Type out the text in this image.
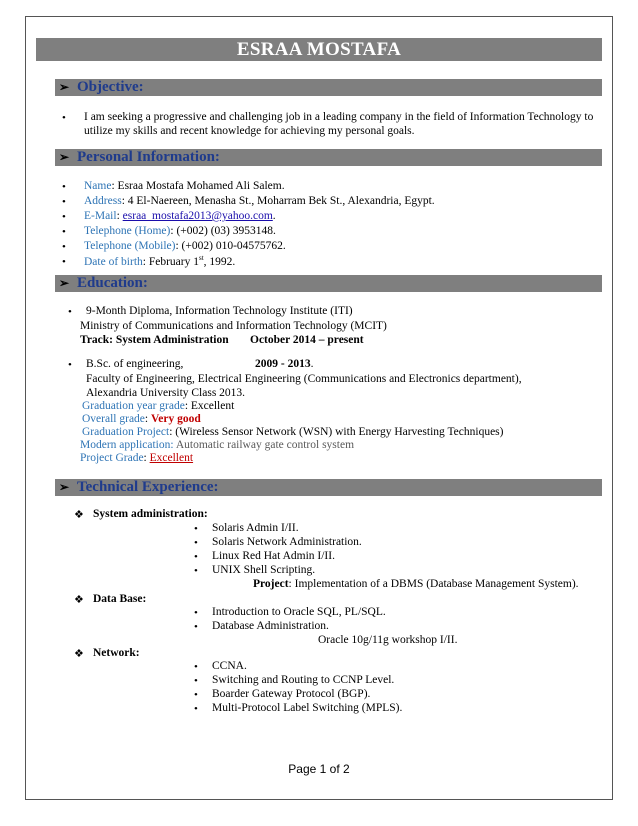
ESRAA MOSTAFA
➢ Objective:
• I am seeking a progressive and challenging job in a leading company in the field of Information Technology to
utilize my skills and recent knowledge for achieving my personal goals.
➢ Personal Information:
• Name: Esraa Mostafa Mohamed Ali Salem.
• Address: 4 El-Naereen, Menasha St., Moharram Bek St., Alexandria, Egypt.
• E-Mail: esraa_mostafa2013@yahoo.com.
• Telephone (Home): (+002) (03) 3953148.
• Telephone (Mobile): (+002) 010-04575762.
• Date of birth: February 1st, 1992.
➢ Education:
• 9-Month Diploma, Information Technology Institute (ITI)
Ministry of Communications and Information Technology (MCIT)
Track: System Administration October 2014 – present
• B.Sc. of engineering,	2009 - 2013.
Faculty of Engineering, Electrical Engineering (Communications and Electronics department),
Alexandria University Class 2013.
Graduation year grade: Excellent
Overall grade: Very good
Graduation Project: (Wireless Sensor Network (WSN) with Energy Harvesting Techniques)
Modern application: Automatic railway gate control system
Project Grade: Excellent
➢ Technical Experience:
❖ System administration:
• Solaris Admin I/II.
• Solaris Network Administration.
• Linux Red Hat Admin I/II.
• UNIX Shell Scripting.
Project: Implementation of a DBMS (Database Management System).
❖ Data Base:
• Introduction to Oracle SQL, PL/SQL.
• Database Administration.
Oracle 10g/11g workshop I/II.
❖ Network:
• CCNA.
• Switching and Routing to CCNP Level.
• Boarder Gateway Protocol (BGP).
• Multi-Protocol Label Switching (MPLS).
Page 1 of 2
